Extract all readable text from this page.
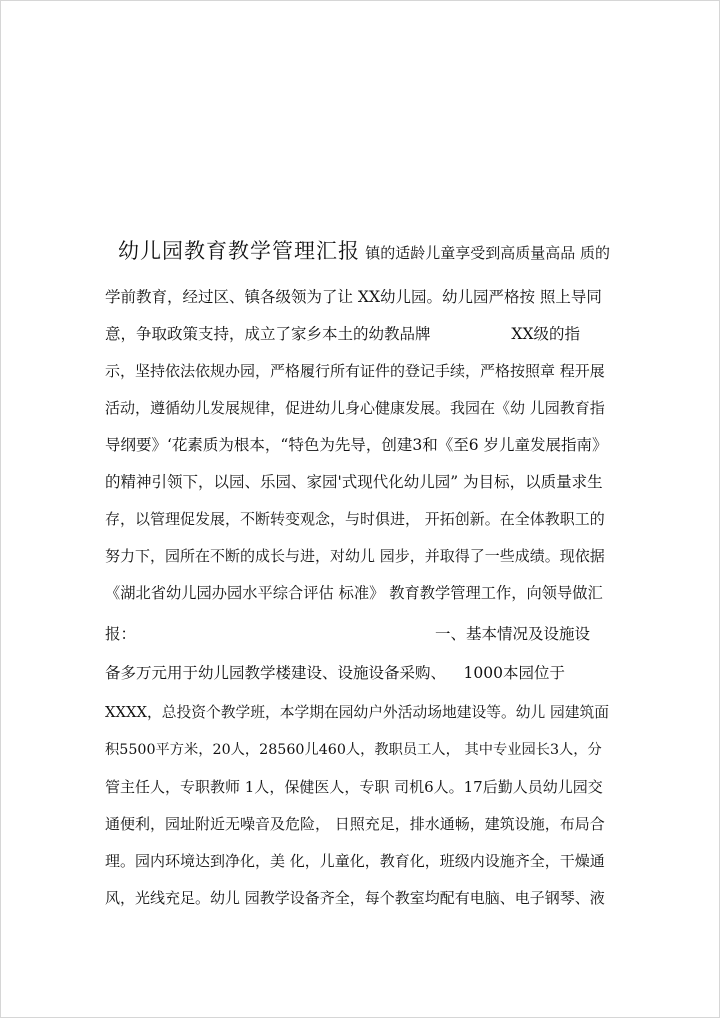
幼儿园教育教学管理汇报 镇的适龄儿童享受到高质量高品 质的
学前教育，经过区、镇各级领为了让 XX幼儿园。幼儿园严格按 照上导同
意，争取政策支持，成立了家乡本土的幼教品牌	XX级的指
示，坚持依法依规办园，严格履行所有证件的登记手续，严格按照章 程开展
活动，遵循幼儿发展规律，促进幼儿身心健康发展。我园在《幼 儿园教育指
导纲要》‘花素质为根本，“特色为先导，创建3和《至6 岁儿童发展指南》
的精神引领下，以园、乐园、家园'式现代化幼儿园” 为目标，以质量求生
存，以管理促发展，不断转变观念，与时俱进， 开拓创新。在全体教职工的
努力下，园所在不断的成长与进，对幼儿 园步，并取得了一些成绩。现依据
《湖北省幼儿园办园水平综合评估 标准》 教育教学管理工作，向领导做汇
报：	一、基本情况及设施设
备多万元用于幼儿园教学楼建设、设施设备采购、 1000本园位于
XXXX，总投资个教学班，本学期在园幼户外活动场地建设等。幼儿 园建筑面
积5500平方米，20人，28560儿460人，教职员工人， 其中专业园长3人，分
管主任人，专职教师 1人，保健医人，专职 司机6人。17后勤人员幼儿园交
通便利，园址附近无噪音及危险， 日照充足，排水通畅，建筑设施，布局合
理。园内环境达到净化，美 化，儿童化，教育化，班级内设施齐全，干燥通
风，光线充足。幼儿 园教学设备齐全，每个教室均配有电脑、电子钢琴、液
